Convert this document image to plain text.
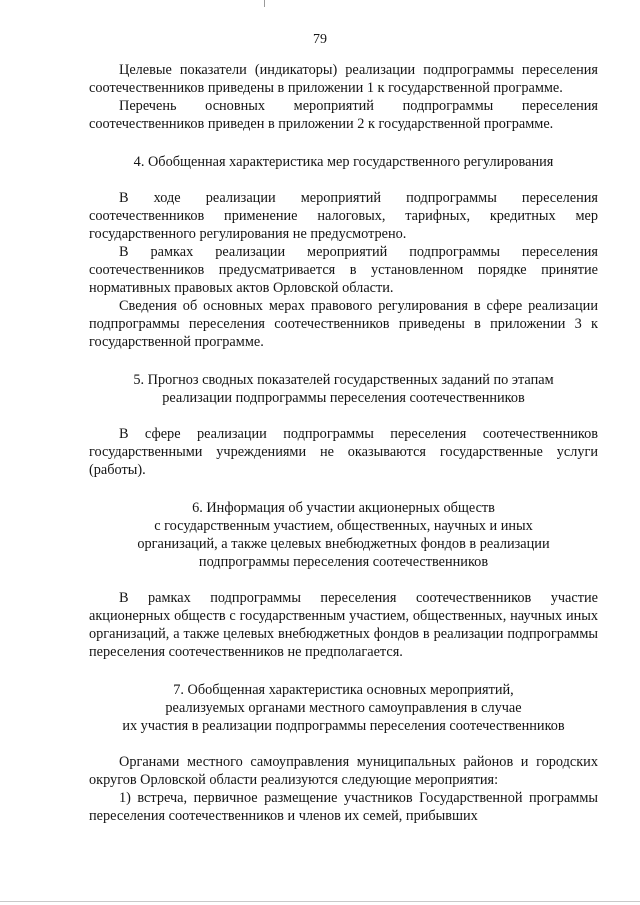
79

Целевые показатели (индикаторы) реализации подпрограммы переселения соотечественников приведены в приложении 1 к государственной программе.

Перечень основных мероприятий подпрограммы переселения соотечественников приведен в приложении 2 к государственной программе.

4. Обобщенная характеристика мер государственного регулирования

В ходе реализации мероприятий подпрограммы переселения соотечественников применение налоговых, тарифных, кредитных мер государственного регулирования не предусмотрено.

В рамках реализации мероприятий подпрограммы переселения соотечественников предусматривается в установленном порядке принятие нормативных правовых актов Орловской области.

Сведения об основных мерах правового регулирования в сфере реализации подпрограммы переселения соотечественников приведены в приложении 3 к государственной программе.

5. Прогноз сводных показателей государственных заданий по этапам
реализации подпрограммы переселения соотечественников

В сфере реализации подпрограммы переселения соотечественников государственными учреждениями не оказываются государственные услуги (работы).

6. Информация об участии акционерных обществ
с государственным участием, общественных, научных и иных
организаций, а также целевых внебюджетных фондов в реализации
подпрограммы переселения соотечественников

В рамках подпрограммы переселения соотечественников участие акционерных обществ с государственным участием, общественных, научных иных организаций, а также целевых внебюджетных фондов в реализации подпрограммы переселения соотечественников не предполагается.

7. Обобщенная характеристика основных мероприятий,
реализуемых органами местного самоуправления в случае
их участия в реализации подпрограммы переселения соотечественников

Органами местного самоуправления муниципальных районов и городских округов Орловской области реализуются следующие мероприятия:

1) встреча, первичное размещение участников Государственной программы переселения соотечественников и членов их семей, прибывших
